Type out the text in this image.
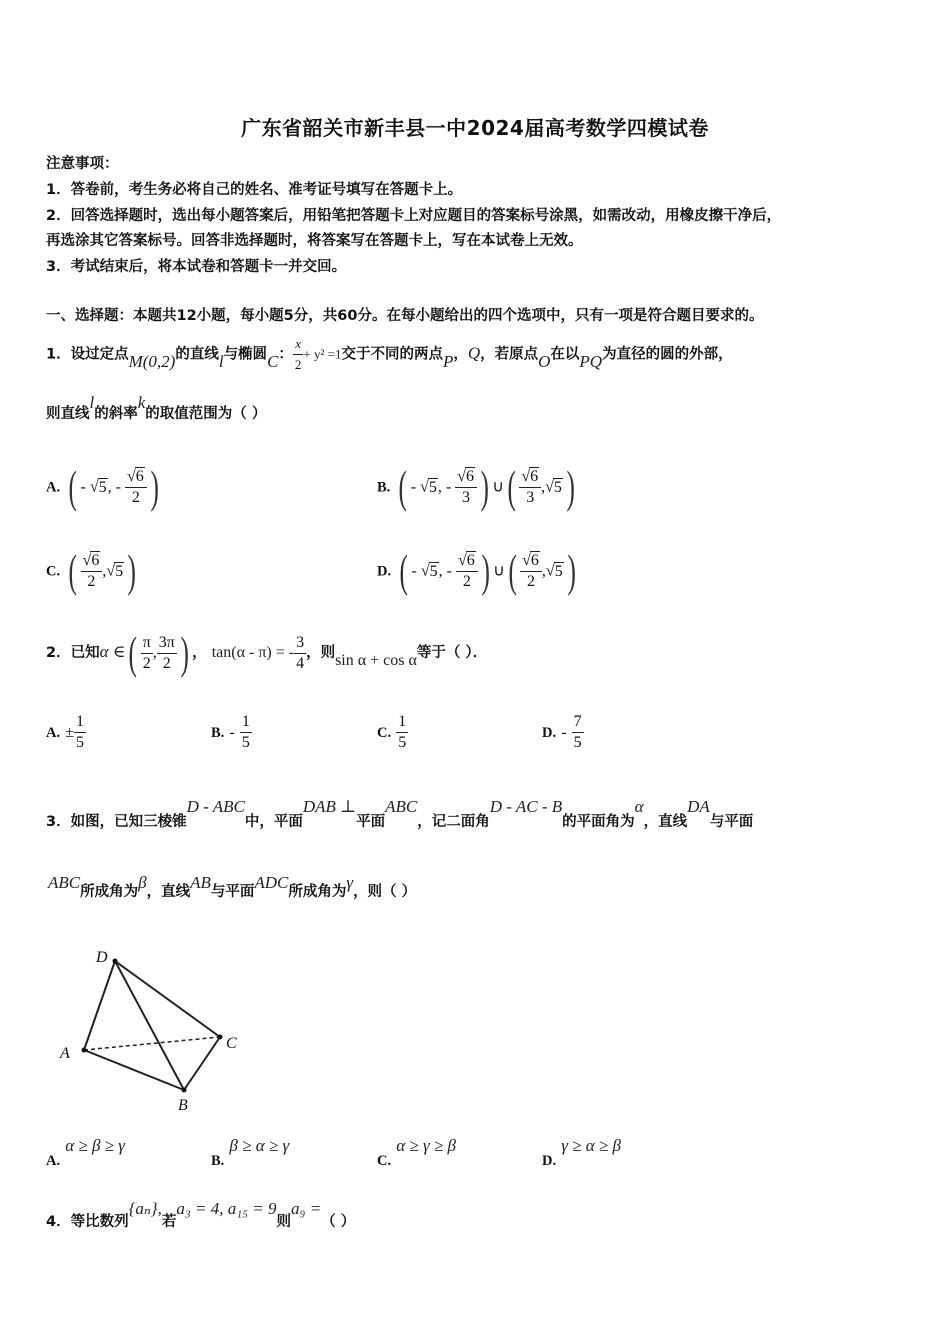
广东省韶关市新丰县一中2024届高考数学四模试卷
注意事项：
1．答卷前，考生务必将自己的姓名、准考证号填写在答题卡上。
2．回答选择题时，选出每小题答案后，用铅笔把答题卡上对应题目的答案标号涂黑，如需改动，用橡皮擦干净后，
再选涂其它答案标号。回答非选择题时，将答案写在答题卡上，写在本试卷上无效。
3．考试结束后，将本试卷和答题卡一并交回。
一、选择题：本题共12小题，每小题5分，共60分。在每小题给出的四个选项中，只有一项是符合题目要求的。
1．设过定点M(0,2)的直线l与椭圆C： $\frac{x}{2} + y^2 =1$交于不同的两点P，Q，若原点O在以PQ为直径的圆的外部，
则直线l的斜率k的取值范围为（ ）
A. ( - √5, - $\frac{√6}{2}$ )	B. ( - √5, - $\frac{√6}{3}$ ) ∪( $\frac{√6}{3} ,√5$)
C. ( $\frac{√6}{2} ,√5$)	D. ( - √5, - $\frac{√6}{2}$ ) ∪( $\frac{√6}{2} ,√5$)
2．已知α ∈( $\frac{\pi}{2}$ , $\frac{3\pi}{2}$ ) ， tan(α - π) = - $\frac{3}{4}$ ，则sin α + cos α等于（ ）．
A. ± $\frac{1}{5}$	B. - $\frac{1}{5}$	C. $\frac{1}{5}$	D. - $\frac{7}{5}$
3．如图，已知三棱锥D - ABC中，平面DAB ⊥平面ABC，记二面角D - AC - B的平面角为α，直线DA与平面
ABC所成角为β，直线AB与平面ADC所成角为γ，则（ ）
D
A
B
C
A. α ≥ β ≥ γ
B. β ≥ α ≥ γ
C. α ≥ γ ≥ β
D. γ ≥ α ≥ β
4．等比数列{aₙ},若a₃ = 4, a₁₅ = 9则a₉ =（ ）
